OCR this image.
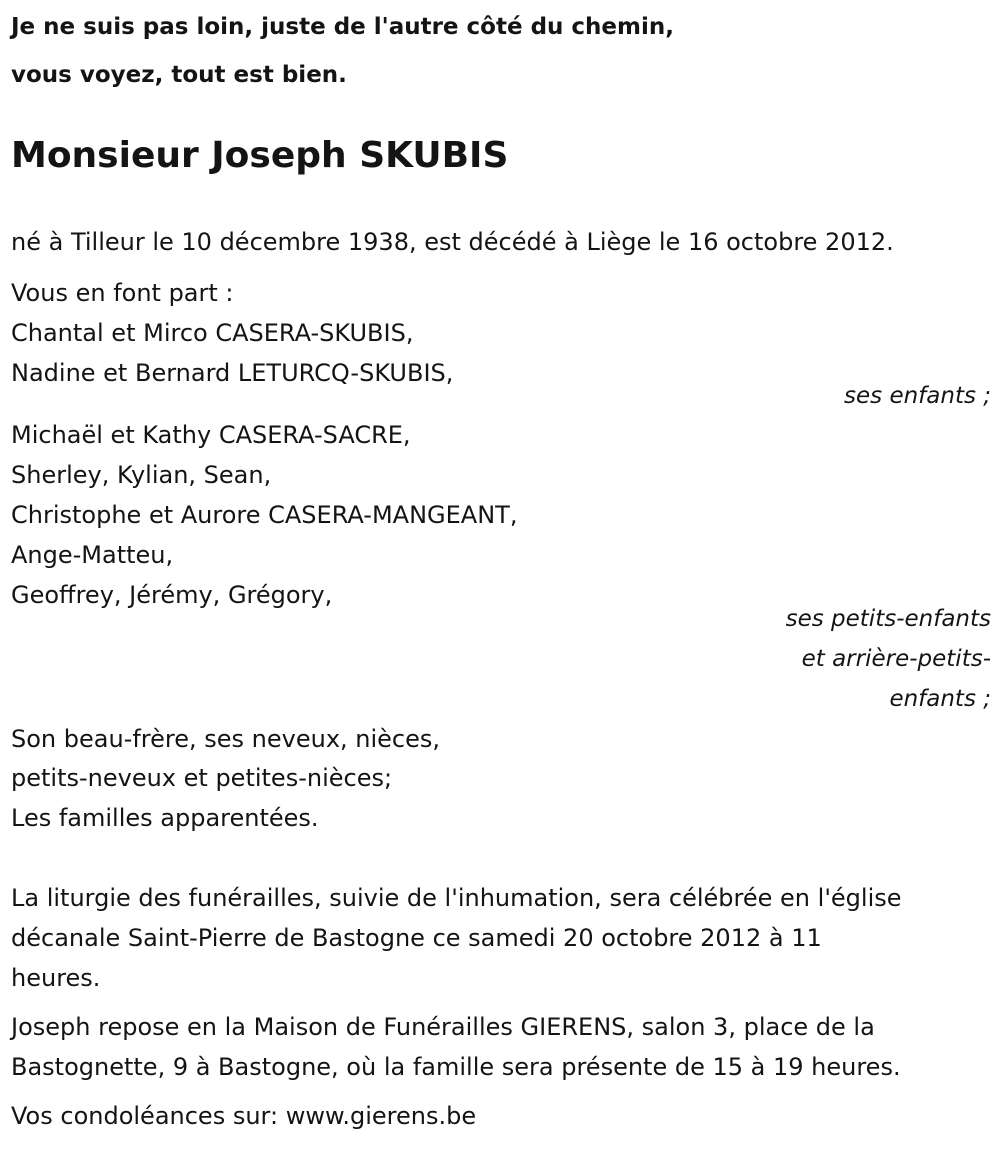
Je ne suis pas loin, juste de l'autre côté du chemin,
vous voyez, tout est bien.
Monsieur Joseph SKUBIS
né à Tilleur le 10 décembre 1938, est décédé à Liège le 16 octobre 2012.
Vous en font part :
Chantal et Mirco CASERA-SKUBIS,
Nadine et Bernard LETURCQ-SKUBIS,
ses enfants ;
Michaël et Kathy CASERA-SACRE,
Sherley, Kylian, Sean,
Christophe et Aurore CASERA-MANGEANT,
Ange-Matteu,
Geoffrey, Jérémy, Grégory,
ses petits-enfants
et arrière-petits-
enfants ;
Son beau-frère, ses neveux, nièces,
petits-neveux et petites-nièces;
Les familles apparentées.
La liturgie des funérailles, suivie de l'inhumation, sera célébrée en l'église
décanale Saint-Pierre de Bastogne ce samedi 20 octobre 2012 à 11
heures.
Joseph repose en la Maison de Funérailles GIERENS, salon 3, place de la
Bastognette, 9 à Bastogne, où la famille sera présente de 15 à 19 heures.
Vos condoléances sur: www.gierens.be
